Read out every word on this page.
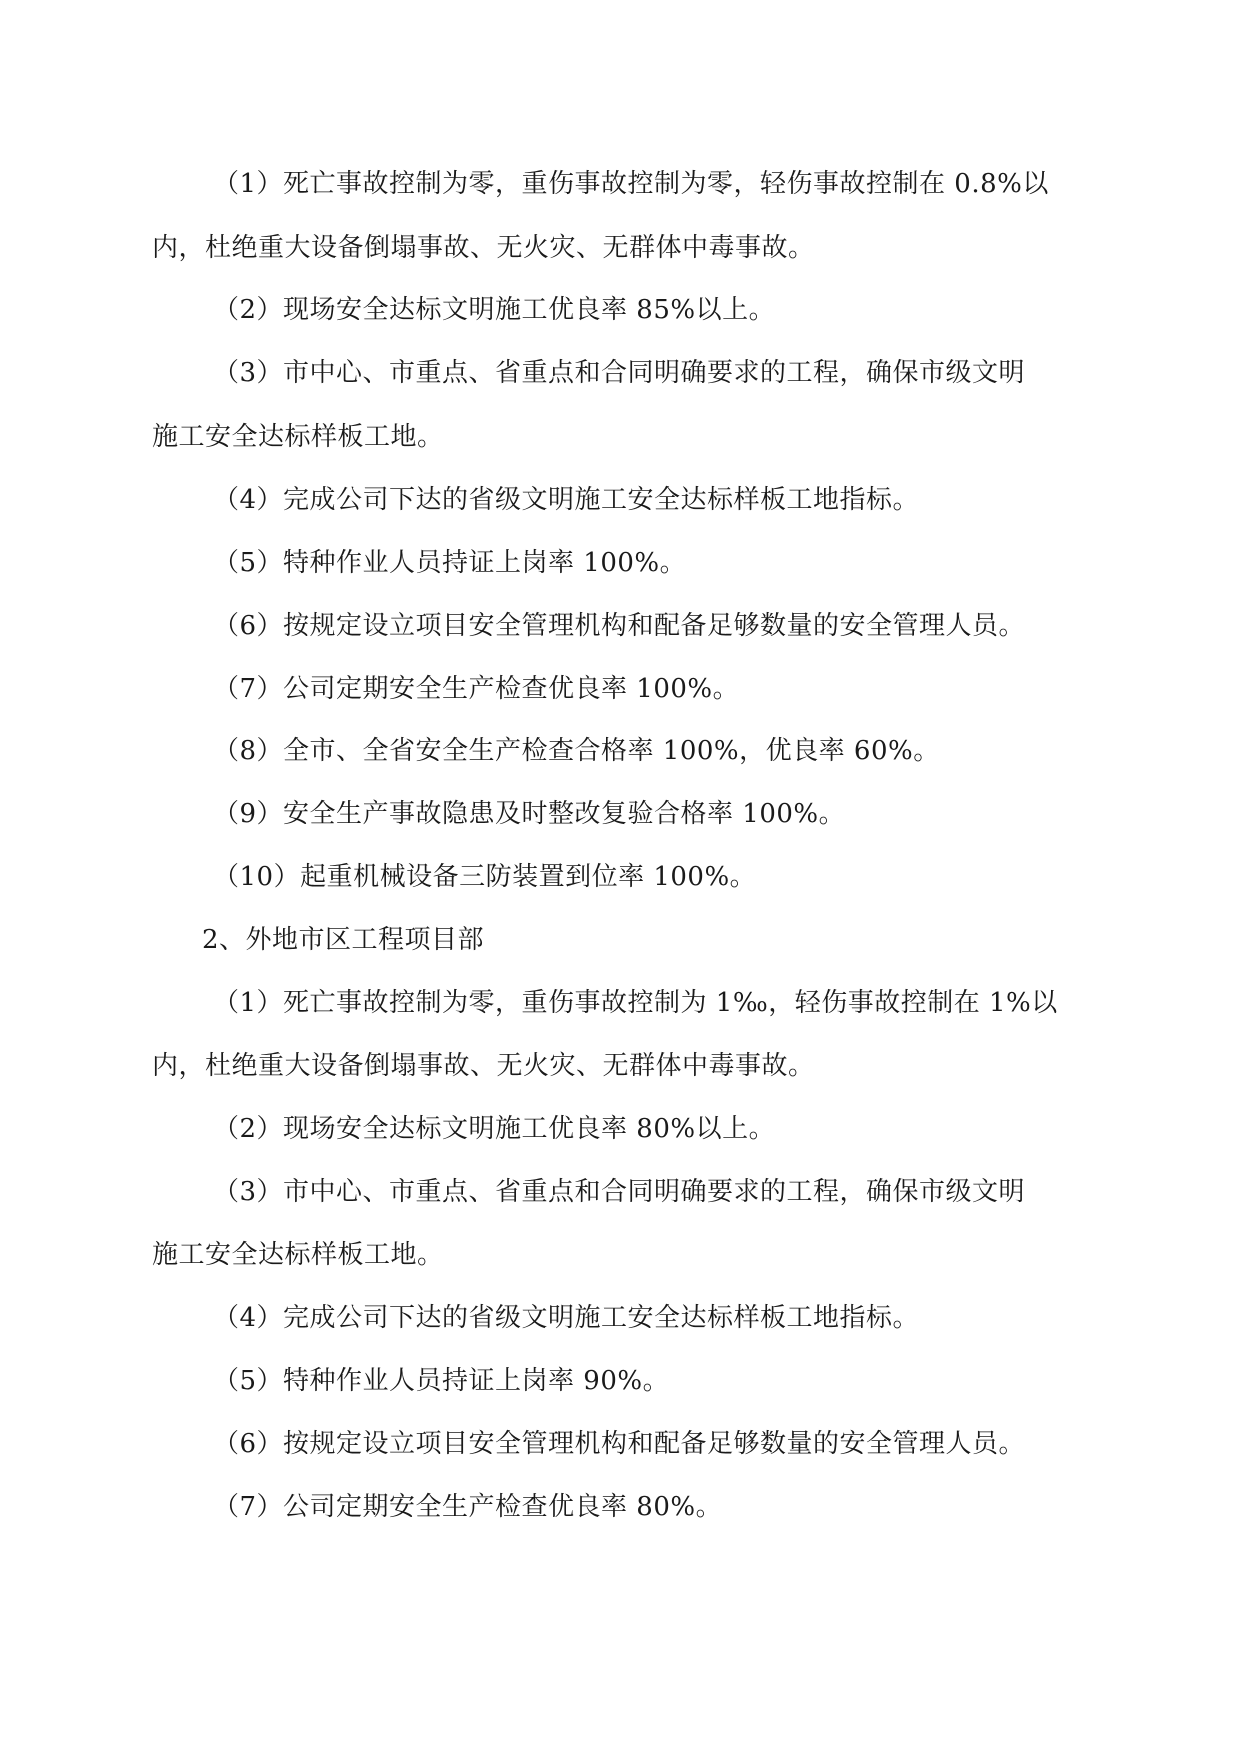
（1）死亡事故控制为零，重伤事故控制为零，轻伤事故控制在 0.8%以
内，杜绝重大设备倒塌事故、无火灾、无群体中毒事故。
（2）现场安全达标文明施工优良率 85%以上。
（3）市中心、市重点、省重点和合同明确要求的工程，确保市级文明
施工安全达标样板工地。
（4）完成公司下达的省级文明施工安全达标样板工地指标。
（5）特种作业人员持证上岗率 100%。
（6）按规定设立项目安全管理机构和配备足够数量的安全管理人员。
（7）公司定期安全生产检查优良率 100%。
（8）全市、全省安全生产检查合格率 100%，优良率 60%。
（9）安全生产事故隐患及时整改复验合格率 100%。
（10）起重机械设备三防装置到位率 100%。
2、外地市区工程项目部
（1）死亡事故控制为零，重伤事故控制为 1‰，轻伤事故控制在 1%以
内，杜绝重大设备倒塌事故、无火灾、无群体中毒事故。
（2）现场安全达标文明施工优良率 80%以上。
（3）市中心、市重点、省重点和合同明确要求的工程，确保市级文明
施工安全达标样板工地。
（4）完成公司下达的省级文明施工安全达标样板工地指标。
（5）特种作业人员持证上岗率 90%。
（6）按规定设立项目安全管理机构和配备足够数量的安全管理人员。
（7）公司定期安全生产检查优良率 80%。
